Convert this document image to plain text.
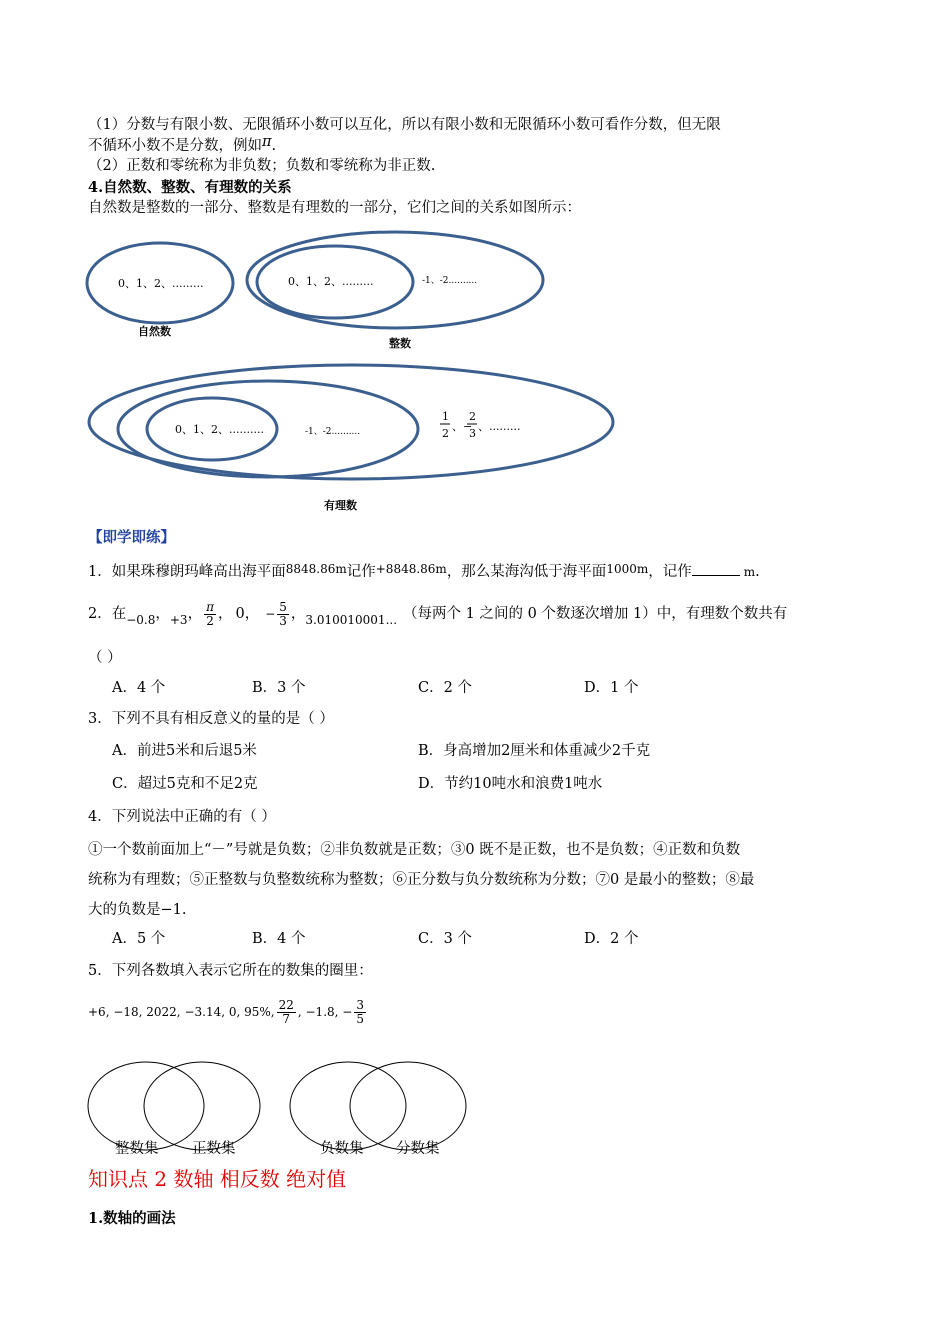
（1）分数与有限小数、无限循环小数可以互化，所以有限小数和无限循环小数可看作分数，但无限
不循环小数不是分数，例如π.
（2）正数和零统称为非负数；负数和零统称为非正数.
4.自然数、整数、有理数的关系
自然数是整数的一部分、整数是有理数的一部分，它们之间的关系如图所示：
0、1、2、.........
自然数
0、1、2、.........	-1、-2..........
整数
0、1、2、..........	-1、-2..........
1
2
、−
2
3
、.........
有理数
【即学即练】
1．如果珠穆朗玛峰高出海平面$^{8848.86m}$记作$^{+8848.86m}$，那么某海沟低于海平面$^{1000m}$，记作	m.
2．在 −0.8 ， +3 ， $\frac{\pi}{2}$ ， 0， − $\frac{5}{3}$ ， 3.010010001... （每两个 1 之间的 0 个数逐次增加 1）中，有理数个数共有
（ ）
A．4 个	B．3 个	C．2 个	D．1 个
3．下列不具有相反意义的量的是（ ）
A．前进5米和后退5米	B．身高增加2厘米和体重减少2千克
C．超过5克和不足2克	D．节约10吨水和浪费1吨水
4．下列说法中正确的有（ ）
①一个数前面加上“－”号就是负数；②非负数就是正数；③0 既不是正数，也不是负数；④正数和负数
统称为有理数；⑤正整数与负整数统称为整数；⑥正分数与负分数统称为分数；⑦0 是最小的整数；⑧最
大的负数是−1.
A．5 个	B．4 个	C．3 个	D．2 个
5．下列各数填入表示它所在的数集的圈里：
+6, −18, 2022, −3.14, 0, 95%, $\frac{22}{7}$ , −1.8, − $\frac{3}{5}$
整数集 正数集	负数集 分数集
知识点 2 数轴 相反数 绝对值
1.数轴的画法
